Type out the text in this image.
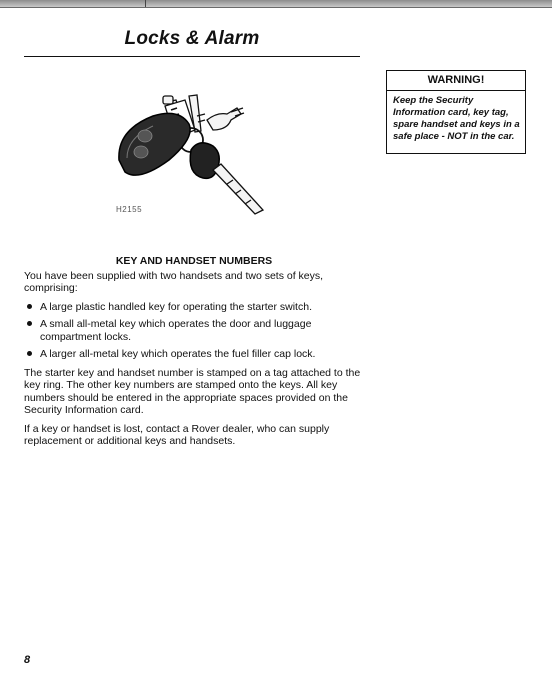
Locks & Alarm
H2155
WARNING!
Keep the Security Information card, key tag, spare handset and keys in a safe place - NOT in the car.
KEY AND HANDSET NUMBERS

You have been supplied with two handsets and two sets of keys, comprising:

A large plastic handled key for operating the starter switch.
A small all-metal key which operates the door and luggage compartment locks.
A larger all-metal key which operates the fuel filler cap lock.

The starter key and handset number is stamped on a tag attached to the key ring. The other key numbers are stamped onto the keys. All key numbers should be entered in the appropriate spaces provided on the Security Information card.

If a key or handset is lost, contact a Rover dealer, who can supply replacement or additional keys and handsets.

8
